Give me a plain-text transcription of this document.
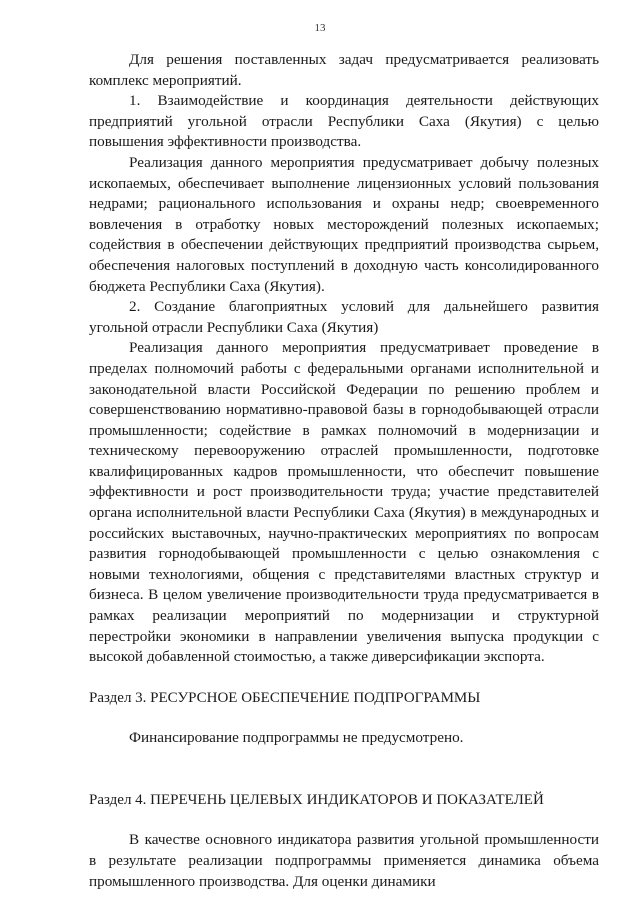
13

Для решения поставленных задач предусматривается реализовать комплекс мероприятий.

1. Взаимодействие и координация деятельности действующих предприятий угольной отрасли Республики Саха (Якутия) с целью повышения эффективности производства.

Реализация данного мероприятия предусматривает добычу полезных ископаемых, обеспечивает выполнение лицензионных условий пользования недрами; рационального использования и охраны недр; своевременного вовлечения в отработку новых месторождений полезных ископаемых; содействия в обеспечении действующих предприятий производства сырьем, обеспечения налоговых поступлений в доходную часть консолидированного бюджета Республики Саха (Якутия).

2. Создание благоприятных условий для дальнейшего развития угольной отрасли Республики Саха (Якутия)

Реализация данного мероприятия предусматривает проведение в пределах полномочий работы с федеральными органами исполнительной и законодательной власти Российской Федерации по решению проблем и совершенствованию нормативно-правовой базы в горнодобывающей отрасли промышленности; содействие в рамках полномочий в модернизации и техническому перевооружению отраслей промышленности, подготовке квалифицированных кадров промышленности, что обеспечит повышение эффективности и рост производительности труда; участие представителей органа исполнительной власти Республики Саха (Якутия) в международных и российских выставочных, научно-практических мероприятиях по вопросам развития горнодобывающей промышленности с целью ознакомления с новыми технологиями, общения с представителями властных структур и бизнеса. В целом увеличение производительности труда предусматривается в рамках реализации мероприятий по модернизации и структурной перестройки экономики в направлении увеличения выпуска продукции с высокой добавленной стоимостью, а также диверсификации экспорта.

Раздел 3. РЕСУРСНОЕ ОБЕСПЕЧЕНИЕ ПОДПРОГРАММЫ

Финансирование подпрограммы не предусмотрено.

Раздел 4. ПЕРЕЧЕНЬ ЦЕЛЕВЫХ ИНДИКАТОРОВ И ПОКАЗАТЕЛЕЙ

В качестве основного индикатора развития угольной промышленности в результате реализации подпрограммы применяется динамика объема промышленного производства. Для оценки динамики
